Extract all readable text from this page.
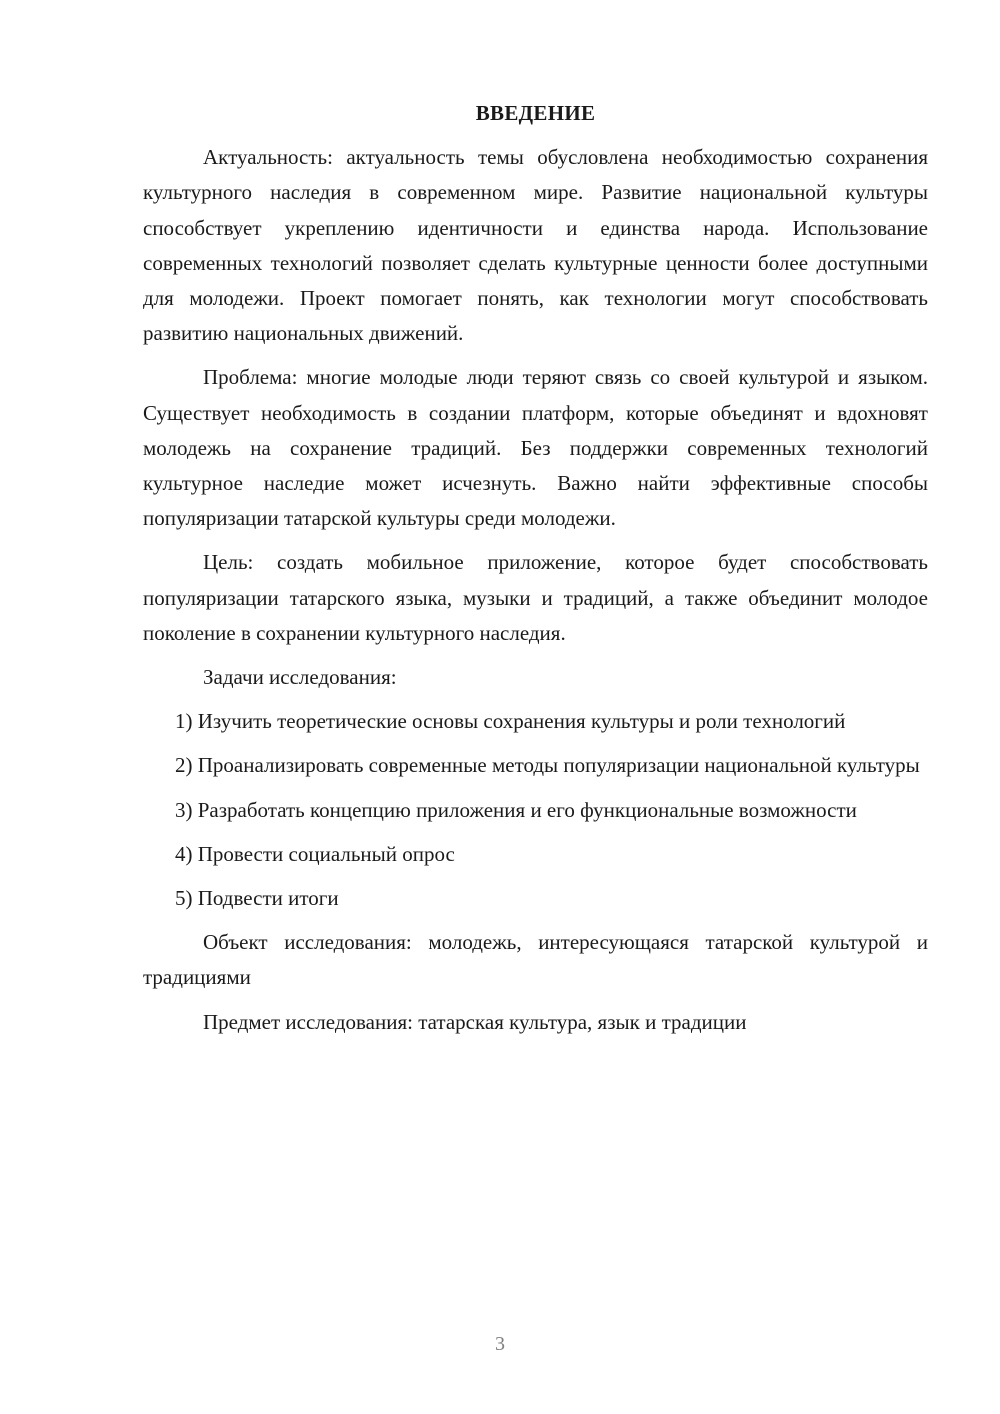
ВВЕДЕНИЕ

Актуальность: актуальность темы обусловлена необходимостью сохранения культурного наследия в современном мире. Развитие национальной культуры способствует укреплению идентичности и единства народа. Использование современных технологий позволяет сделать культурные ценности более доступными для молодежи. Проект помогает понять, как технологии могут способствовать развитию национальных движений.

Проблема: многие молодые люди теряют связь со своей культурой и языком. Существует необходимость в создании платформ, которые объединят и вдохновят молодежь на сохранение традиций. Без поддержки современных технологий культурное наследие может исчезнуть. Важно найти эффективные способы популяризации татарской культуры среди молодежи.

Цель: создать мобильное приложение, которое будет способствовать популяризации татарского языка, музыки и традиций, а также объединит молодое поколение в сохранении культурного наследия.

Задачи исследования:

1) Изучить теоретические основы сохранения культуры и роли технологий

2) Проанализировать современные методы популяризации национальной культуры

3) Разработать концепцию приложения и его функциональные возможности

4) Провести социальный опрос

5) Подвести итоги

Объект исследования: молодежь, интересующаяся татарской культурой и традициями

Предмет исследования: татарская культура, язык и традиции

3
